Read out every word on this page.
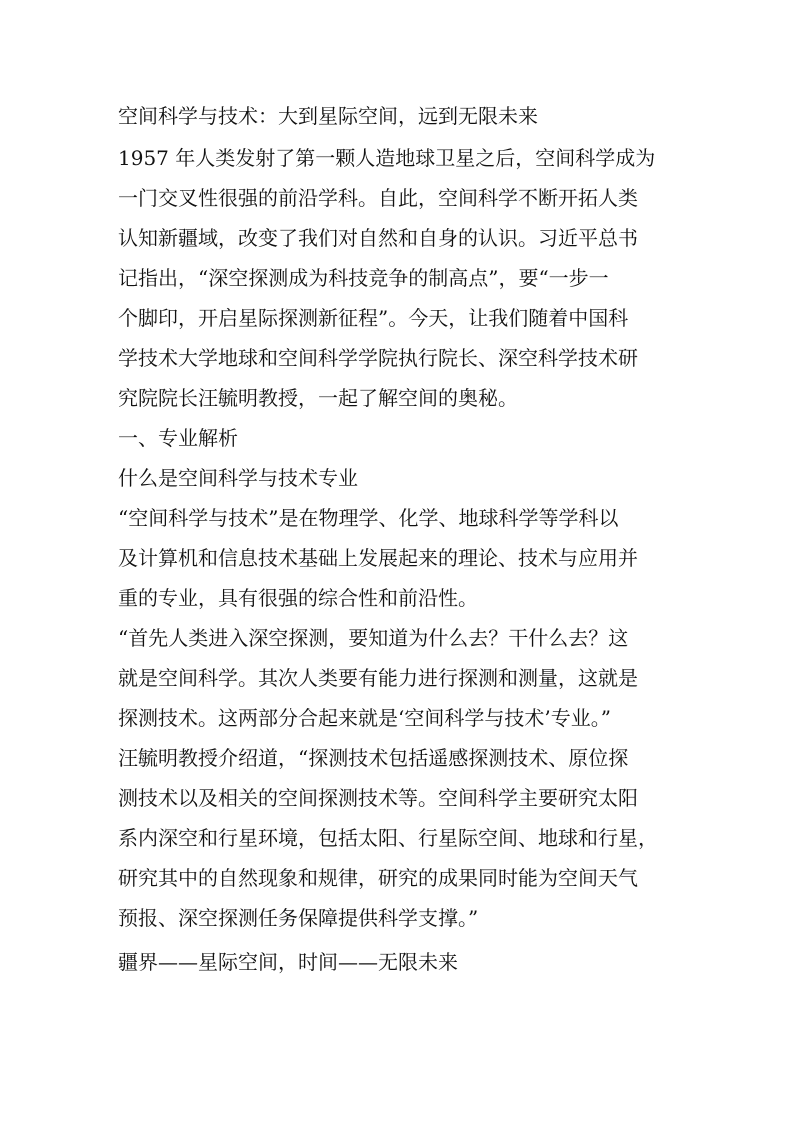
空间科学与技术：大到星际空间，远到无限未来
1957 年人类发射了第一颗人造地球卫星之后，空间科学成为
一门交叉性很强的前沿学科。自此，空间科学不断开拓人类
认知新疆域，改变了我们对自然和自身的认识。习近平总书
记指出，“深空探测成为科技竞争的制高点”，要“一步一
个脚印，开启星际探测新征程”。今天，让我们随着中国科
学技术大学地球和空间科学学院执行院长、深空科学技术研
究院院长汪毓明教授，一起了解空间的奥秘。
一、专业解析
什么是空间科学与技术专业
“空间科学与技术”是在物理学、化学、地球科学等学科以
及计算机和信息技术基础上发展起来的理论、技术与应用并
重的专业，具有很强的综合性和前沿性。
“首先人类进入深空探测，要知道为什么去？干什么去？这
就是空间科学。其次人类要有能力进行探测和测量，这就是
探测技术。这两部分合起来就是‘空间科学与技术’专业。”
汪毓明教授介绍道，“探测技术包括遥感探测技术、原位探
测技术以及相关的空间探测技术等。空间科学主要研究太阳
系内深空和行星环境，包括太阳、行星际空间、地球和行星，
研究其中的自然现象和规律，研究的成果同时能为空间天气
预报、深空探测任务保障提供科学支撑。”
疆界——星际空间，时间——无限未来
